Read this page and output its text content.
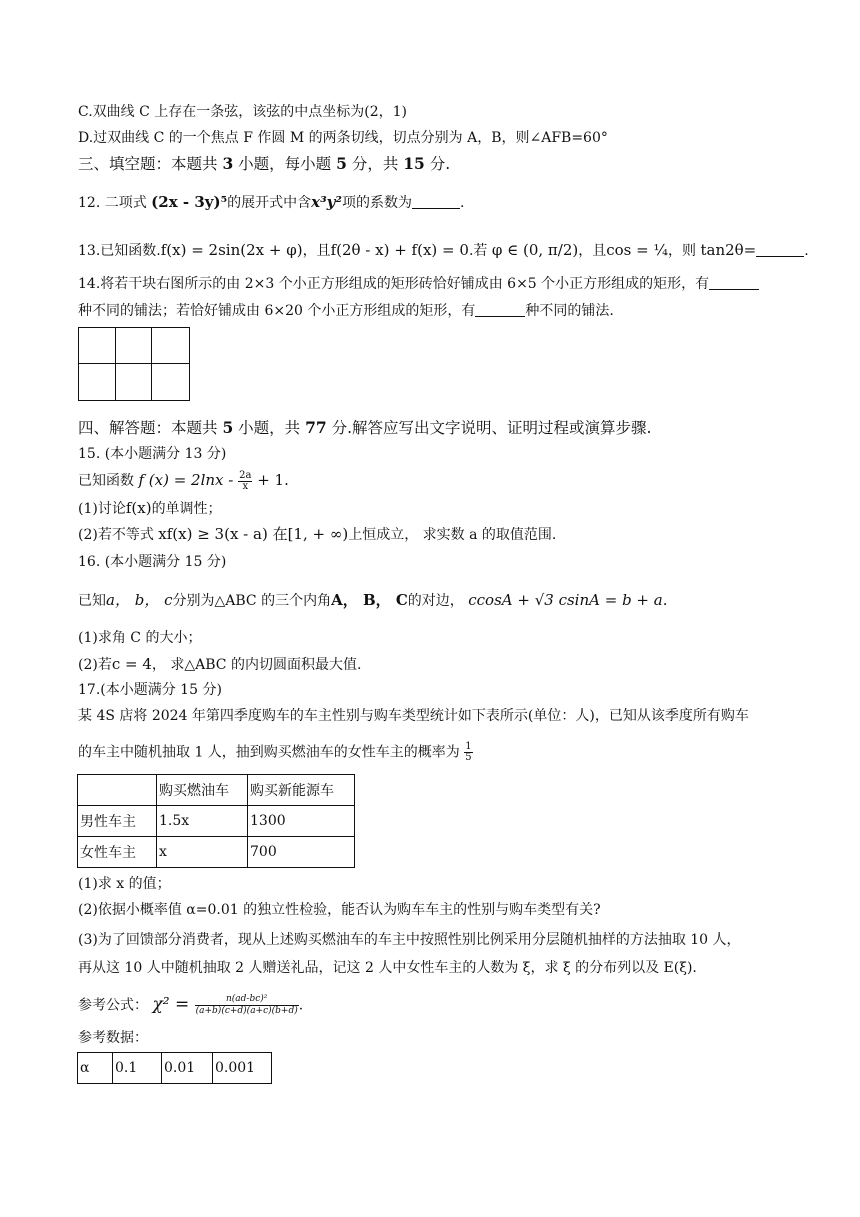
C.双曲线 C 上存在一条弦，该弦的中点坐标为(2，1)
D.过双曲线 C 的一个焦点 F 作圆 M 的两条切线，切点分别为 A，B，则∠AFB=60°
三、填空题：本题共 3 小题，每小题 5 分，共 15 分.
12. 二项式 (2x - 3y)⁵的展开式中含x³y²项的系数为	.
13.已知函数.f(x) = 2sin(2x + φ)，且f(2θ - x) + f(x) = 0.若 φ ∈ (0, π/2)，且cos = ¼，则 tan2θ=	.
14.将若干块右图所示的由 2×3 个小正方形组成的矩形砖恰好铺成由 6×5 个小正方形组成的矩形，有
种不同的铺法；若恰好铺成由 6×20 个小正方形组成的矩形，有	种不同的铺法.
四、解答题：本题共 5 小题，共 77 分.解答应写出文字说明、证明过程或演算步骤.
15. (本小题满分 13 分)
已知函数 f $(x) = 2\ln x - \frac{2a}{x} + 1$.
(1)讨论f(x)的单调性；
(2)若不等式 xf(x) ≥ 3(x - a) 在[1, + ∞)上恒成立， 求实数 a 的取值范围.
16. (本小题满分 15 分)
已知a， b， c分别为△ABC 的三个内角A， B， C的对边， ccosA + √3 csinA = b + a.
(1)求角 C 的大小；
(2)若c = 4， 求△ABC 的内切圆面积最大值.
17.(本小题满分 15 分)
某 4S 店将 2024 年第四季度购车的车主性别与购车类型统计如下表所示(单位：人)，已知从该季度所有购车
的车主中随机抽取 1 人，抽到购买燃油车的女性车主的概率为 $\frac{1}{5}$
	购买燃油车	购买新能源车
男性车主	1.5x	1300
女性车主	x	700
(1)求 x 的值；
(2)依据小概率值 α=0.01 的独立性检验，能否认为购车车主的性别与购车类型有关?
(3)为了回馈部分消费者，现从上述购买燃油车的车主中按照性别比例采用分层随机抽样的方法抽取 10 人，
再从这 10 人中随机抽取 2 人赠送礼品，记这 2 人中女性车主的人数为 ξ，求 ξ 的分布列以及 E(ξ).
参考公式： $\chi^2 = \frac{\text{n(ad-bc)²}}{(a+b)(c+d)(a+c)(b+d)}$ .
参考数据：
α	0.1	0.01	0.001
